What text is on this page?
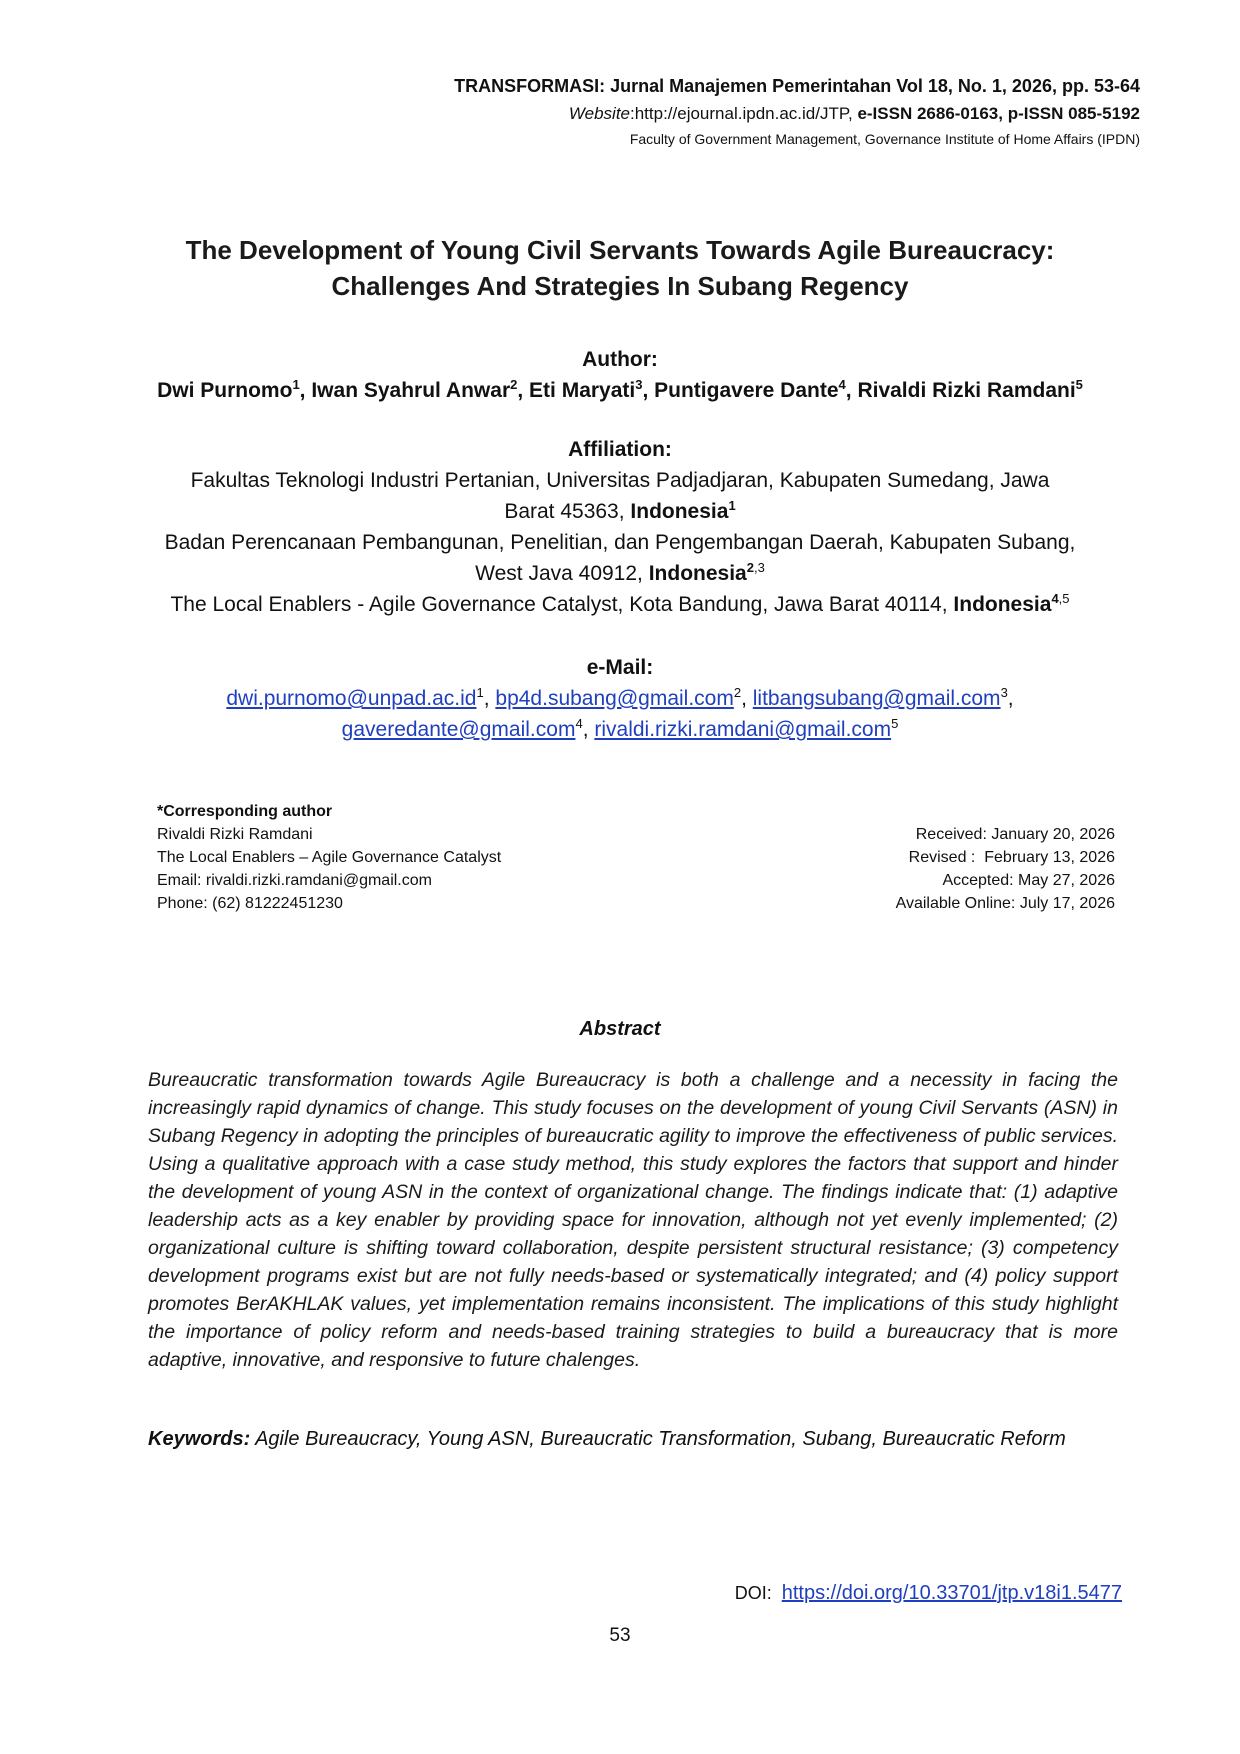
TRANSFORMASI: Jurnal Manajemen Pemerintahan Vol 18, No. 1, 2026, pp. 53-64
Website:http://ejournal.ipdn.ac.id/JTP, e-ISSN 2686-0163, p-ISSN 085-5192
Faculty of Government Management, Governance Institute of Home Affairs (IPDN)
The Development of Young Civil Servants Towards Agile Bureaucracy:
Challenges And Strategies In Subang Regency
Author:
Dwi Purnomo$^1$, Iwan Syahrul Anwar$^2$, Eti Maryati$^3$, Puntigavere Dante$^4$, Rivaldi Rizki Ramdani$^5$
Affiliation:
Fakultas Teknologi Industri Pertanian, Universitas Padjadjaran, Kabupaten Sumedang, Jawa
Barat 45363, Indonesia$^1$
Badan Perencanaan Pembangunan, Penelitian, dan Pengembangan Daerah, Kabupaten Subang,
West Java 40912, Indonesia$^{2,3}$
The Local Enablers - Agile Governance Catalyst, Kota Bandung, Jawa Barat 40114, Indonesia$^{4,5}$
e-Mail:
$dwi.purnomo@unpad.ac.id^1$, bp4d.subang@gmail.com$^2$, litbangsubang@gmail.com$^3$,
gaveredante@gmail.com$^4$, rivaldi.rizki.ramdani@gmail.com$^5$
*Corresponding author
Rivaldi Rizki Ramdani
The Local Enablers – Agile Governance Catalyst
Email: rivaldi.rizki.ramdani@gmail.com
Phone: (62) 81222451230
Received: January 20, 2026
Revised :  February 13, 2026
Accepted: May 27, 2026
Available Online: July 17, 2026
Abstract
Bureaucratic transformation towards Agile Bureaucracy is both a challenge and a necessity in facing the increasingly rapid dynamics of change. This study focuses on the development of young Civil Servants (ASN) in Subang Regency in adopting the principles of bureaucratic agility to improve the effectiveness of public services. Using a qualitative approach with a case study method, this study explores the factors that support and hinder the development of young ASN in the context of organizational change. The findings indicate that: (1) adaptive leadership acts as a key enabler by providing space for innovation, although not yet evenly implemented; (2) organizational culture is shifting toward collaboration, despite persistent structural resistance; (3) competency development programs exist but are not fully needs-based or systematically integrated; and (4) policy support promotes BerAKHLAK values, yet implementation remains inconsistent. The implications of this study highlight the importance of policy reform and needs-based training strategies to build a bureaucracy that is more adaptive, innovative, and responsive to future chalenges.
Keywords: Agile Bureaucracy, Young ASN, Bureaucratic Transformation, Subang, Bureaucratic Reform
DOI:  https://doi.org/10.33701/jtp.v18i1.5477
53
